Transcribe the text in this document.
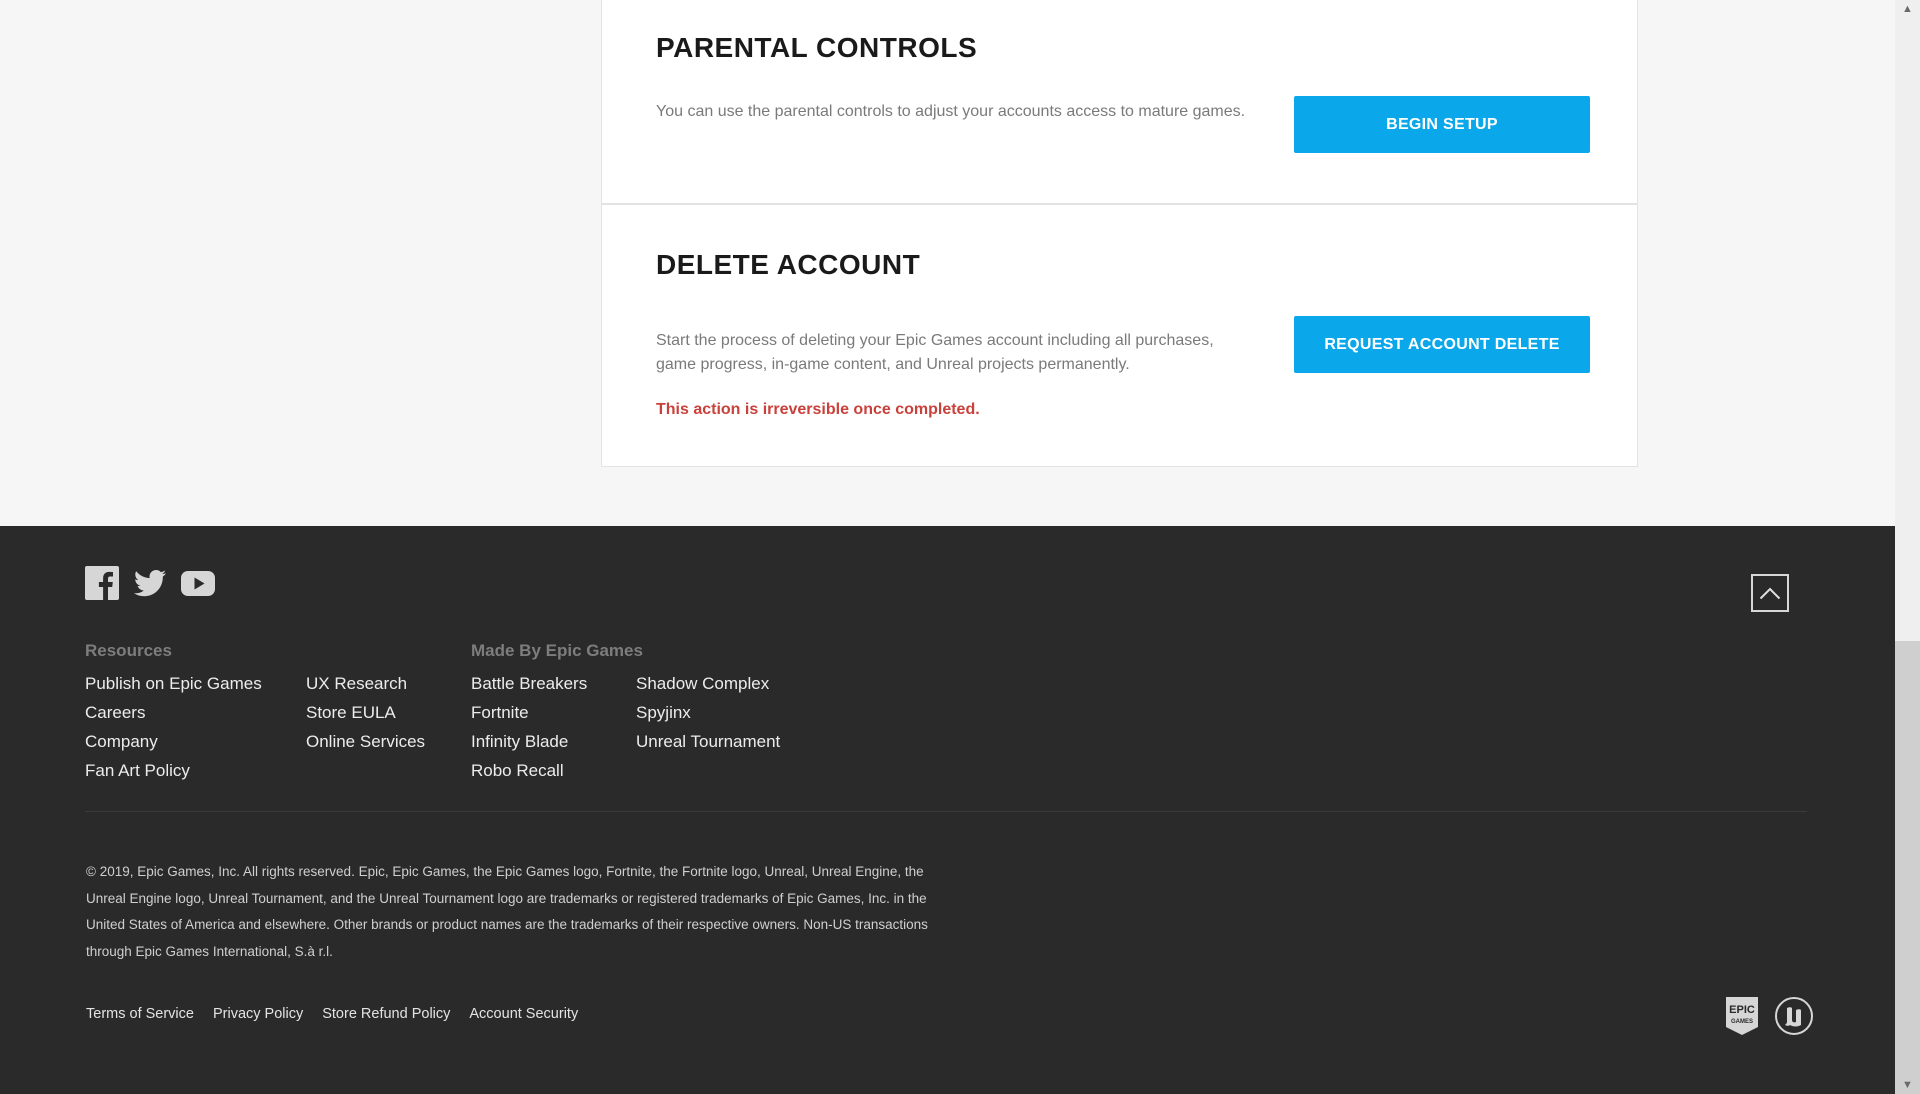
PARENTAL CONTROLS

You can use the parental controls to adjust your accounts access to mature games.

BEGIN SETUP
DELETE ACCOUNT

Start the process of deleting your Epic Games account including all purchases, game progress, in-game content, and Unreal projects permanently.

This action is irreversible once completed.

REQUEST ACCOUNT DELETE
Resources
Publish on Epic Games
Careers
Company
Fan Art Policy
UX Research
Store EULA
Online Services
Made By Epic Games
Battle Breakers
Fortnite
Infinity Blade
Robo Recall
Shadow Complex
Spyjinx
Unreal Tournament
© 2019, Epic Games, Inc. All rights reserved. Epic, Epic Games, the Epic Games logo, Fortnite, the Fortnite logo, Unreal, Unreal Engine, the Unreal Engine logo, Unreal Tournament, and the Unreal Tournament logo are trademarks or registered trademarks of Epic Games, Inc. in the United States of America and elsewhere. Other brands or product names are the trademarks of their respective owners. Non-US transactions through Epic Games International, S.à r.l.
Terms of Service Privacy Policy Store Refund Policy Account Security	EPIC
GAMES
▲
▼
